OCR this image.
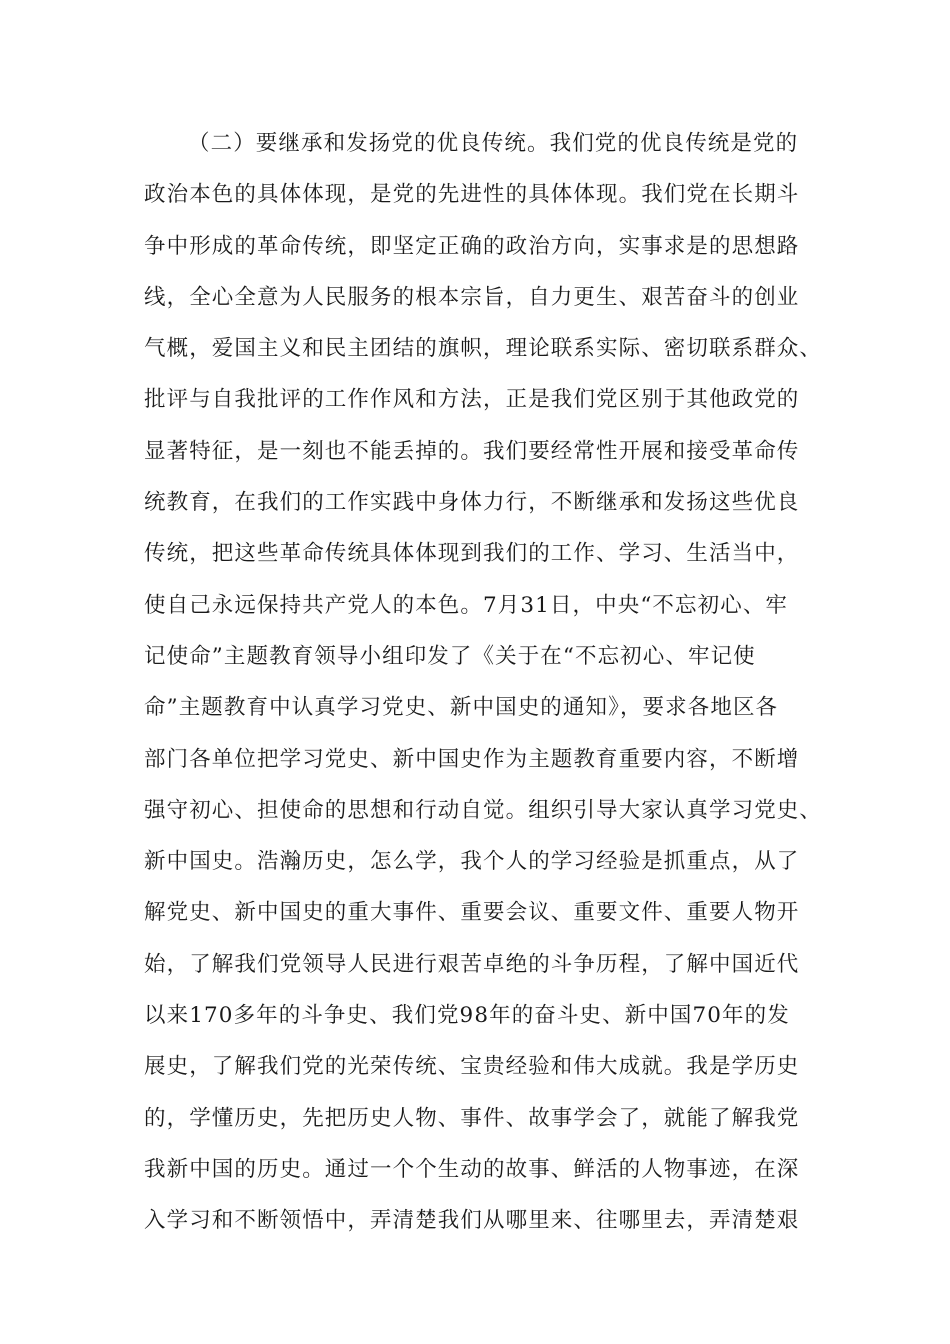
（二）要继承和发扬党的优良传统。我们党的优良传统是党的
政治本色的具体体现，是党的先进性的具体体现。我们党在长期斗
争中形成的革命传统，即坚定正确的政治方向，实事求是的思想路
线，全心全意为人民服务的根本宗旨，自力更生、艰苦奋斗的创业
气概，爱国主义和民主团结的旗帜，理论联系实际、密切联系群众、
批评与自我批评的工作作风和方法，正是我们党区别于其他政党的
显著特征，是一刻也不能丢掉的。我们要经常性开展和接受革命传
统教育，在我们的工作实践中身体力行，不断继承和发扬这些优良
传统，把这些革命传统具体体现到我们的工作、学习、生活当中，
使自己永远保持共产党人的本色。7月31日，中央“不忘初心、牢
记使命”主题教育领导小组印发了《关于在“不忘初心、牢记使
命”主题教育中认真学习党史、新中国史的通知》，要求各地区各
部门各单位把学习党史、新中国史作为主题教育重要内容，不断增
强守初心、担使命的思想和行动自觉。组织引导大家认真学习党史、
新中国史。浩瀚历史，怎么学，我个人的学习经验是抓重点，从了
解党史、新中国史的重大事件、重要会议、重要文件、重要人物开
始，了解我们党领导人民进行艰苦卓绝的斗争历程，了解中国近代
以来170多年的斗争史、我们党98年的奋斗史、新中国70年的发
展史，了解我们党的光荣传统、宝贵经验和伟大成就。我是学历史
的，学懂历史，先把历史人物、事件、故事学会了，就能了解我党
我新中国的历史。通过一个个生动的故事、鲜活的人物事迹，在深
入学习和不断领悟中，弄清楚我们从哪里来、往哪里去，弄清楚艰
